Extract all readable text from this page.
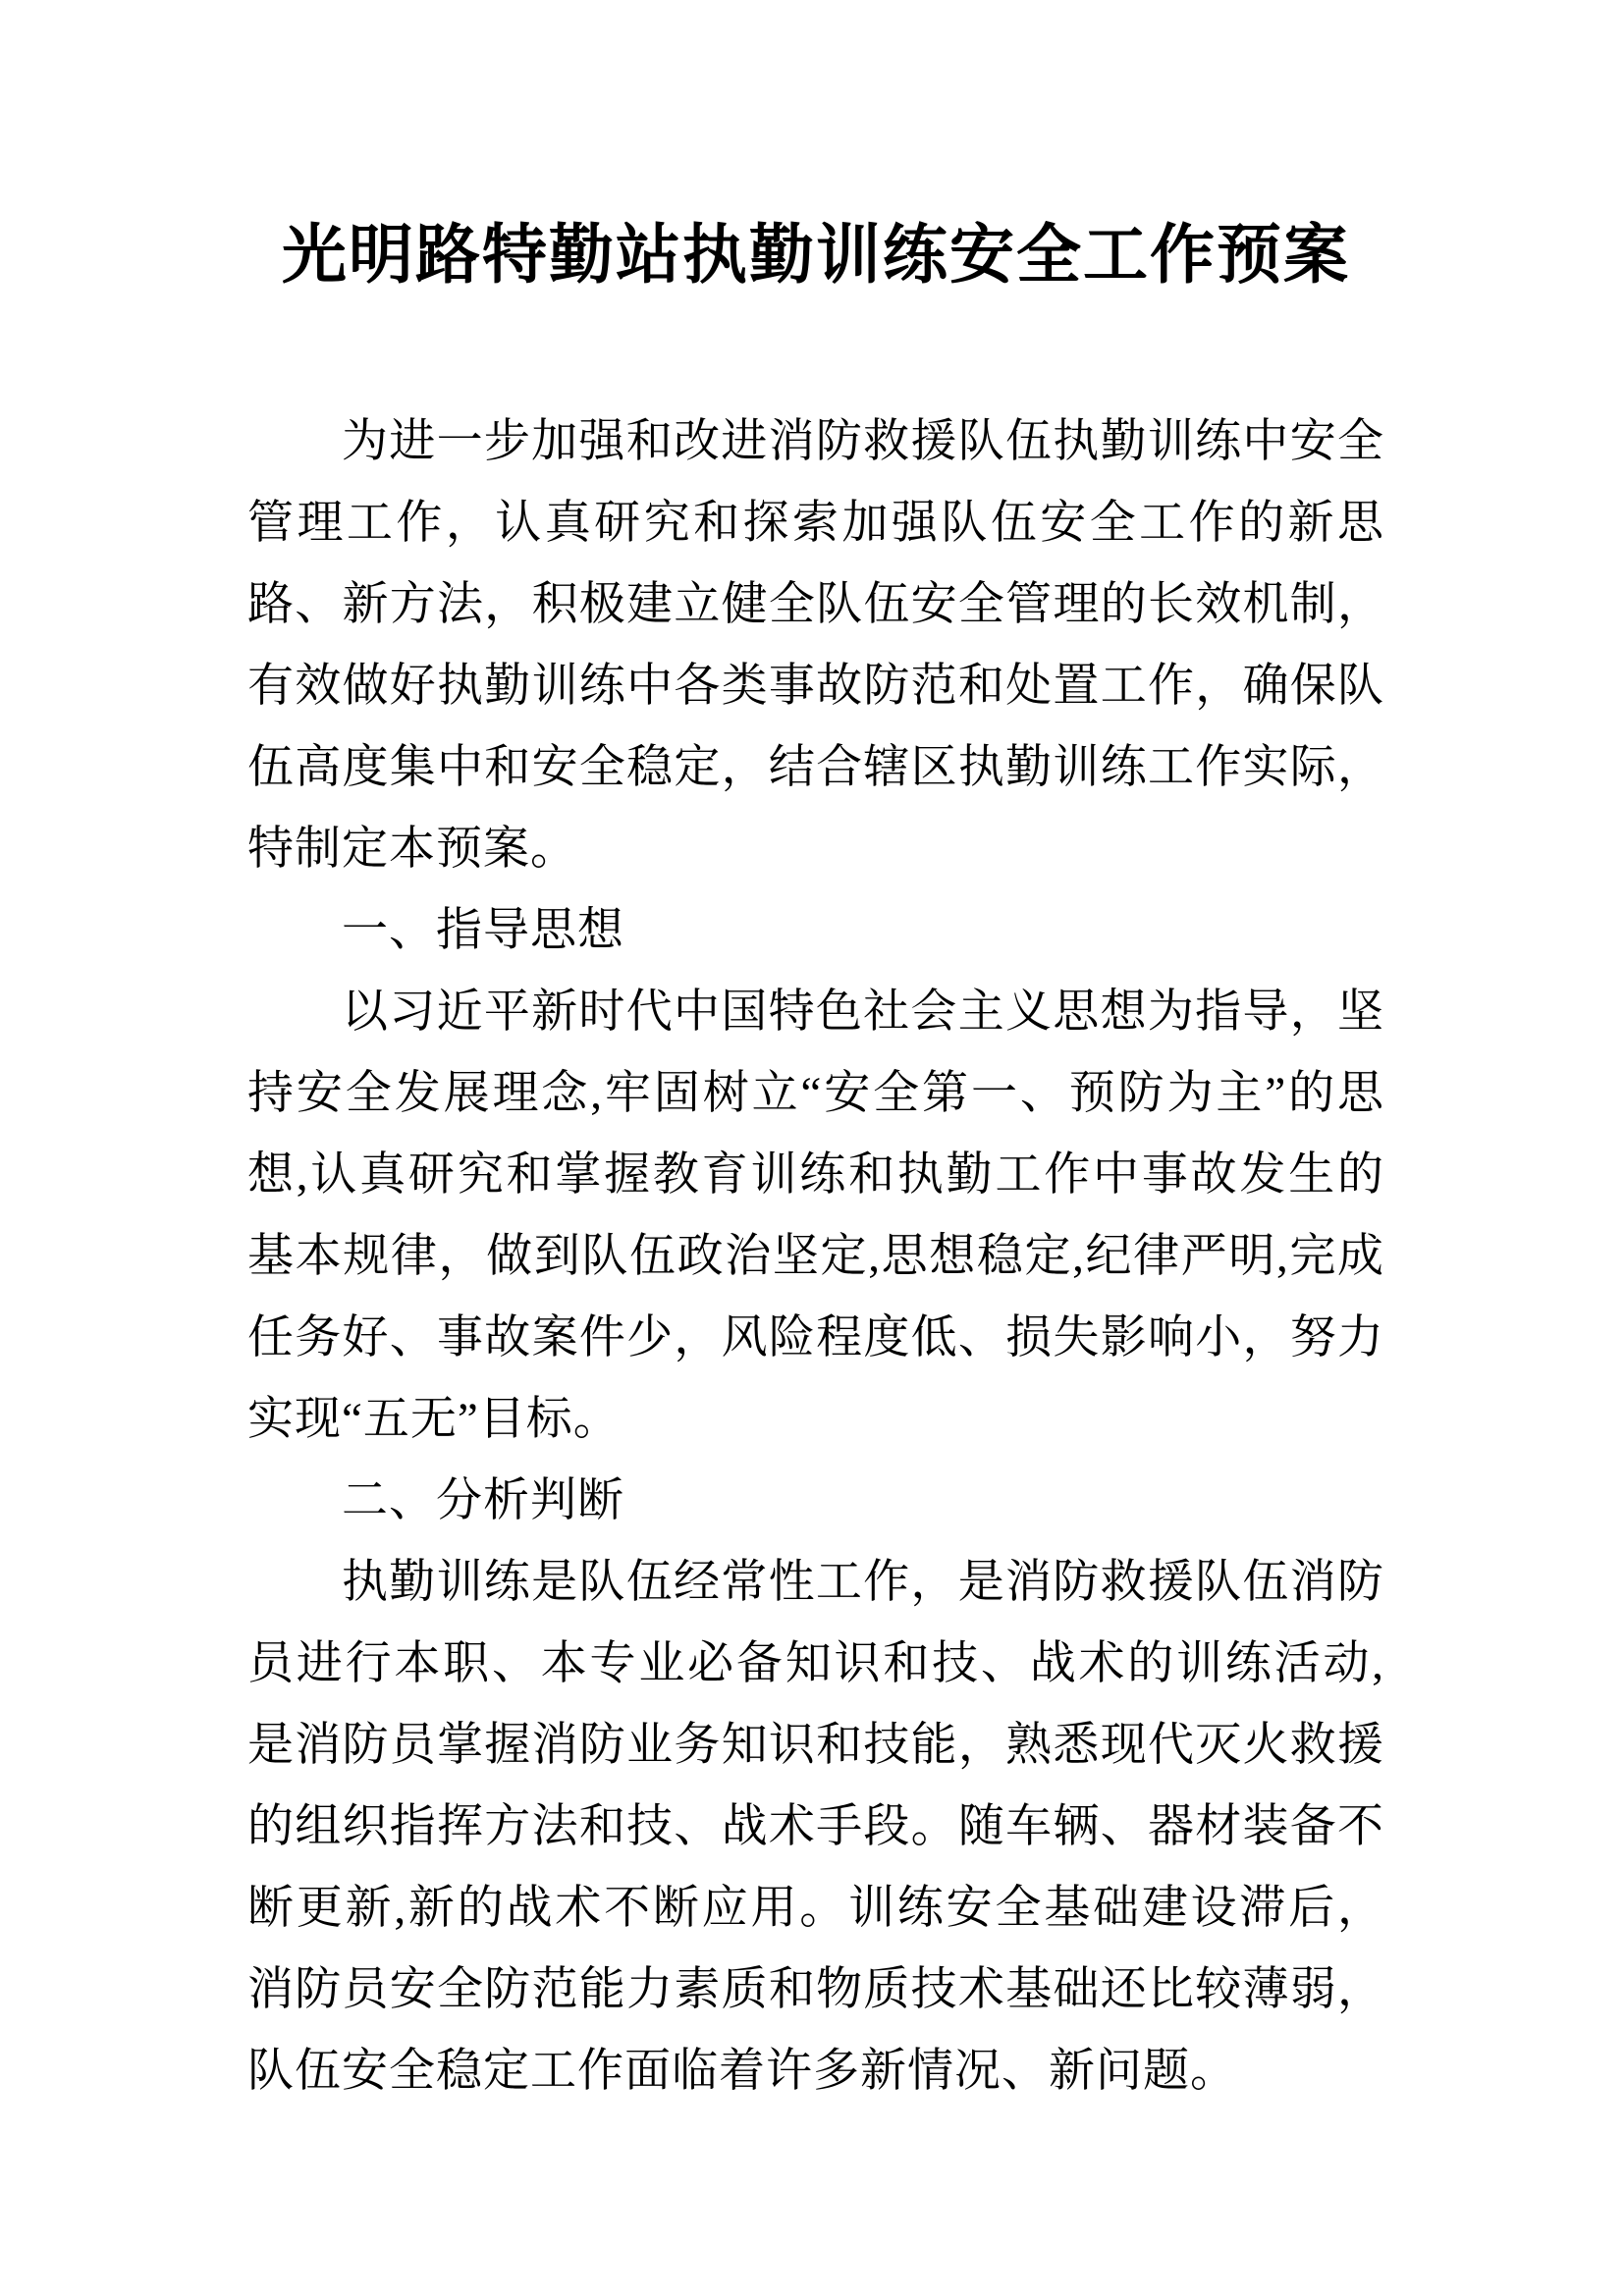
光明路特勤站执勤训练安全工作预案

为进一步加强和改进消防救援队伍执勤训练中安全管理工作，认真研究和探索加强队伍安全工作的新思路、新方法，积极建立健全队伍安全管理的长效机制，有效做好执勤训练中各类事故防范和处置工作，确保队伍高度集中和安全稳定，结合辖区执勤训练工作实际，特制定本预案。

一、指导思想

以习近平新时代中国特色社会主义思想为指导，坚持安全发展理念,牢固树立“安全第一、预防为主”的思想,认真研究和掌握教育训练和执勤工作中事故发生的基本规律，做到队伍政治坚定,思想稳定,纪律严明,完成任务好、事故案件少，风险程度低、损失影响小，努力实现“五无”目标。

二、分析判断

执勤训练是队伍经常性工作，是消防救援队伍消防员进行本职、本专业必备知识和技、战术的训练活动,是消防员掌握消防业务知识和技能，熟悉现代灭火救援的组织指挥方法和技、战术手段。随车辆、器材装备不断更新,新的战术不断应用。训练安全基础建设滞后，消防员安全防范能力素质和物质技术基础还比较薄弱，队伍安全稳定工作面临着许多新情况、新问题。
